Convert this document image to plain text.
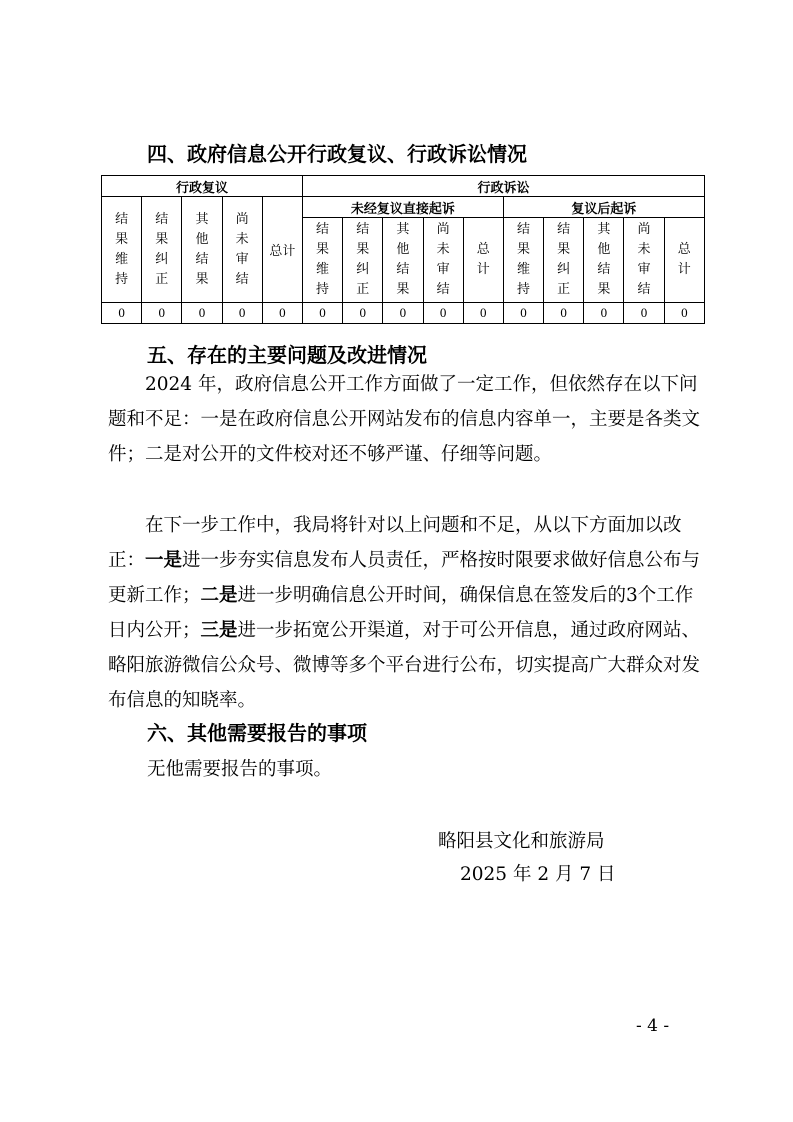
四、政府信息公开行政复议、行政诉讼情况
行政复议					行政诉讼									
结果维持	结果纠正	其他结果	尚未审结	总计	未经复议直接起诉					复议后起诉				
					结果维持	结果纠正	其他结果	尚未审结	总计	结果维持	结果纠正	其他结果	尚未审结	总计
0	0	0	0	0	0	0	0	0	0	0	0	0	0	0
五、存在的主要问题及改进情况

2024 年，政府信息公开工作方面做了一定工作，但依然存在以下问题和不足：一是在政府信息公开网站发布的信息内容单一，主要是各类文件；二是对公开的文件校对还不够严谨、仔细等问题。

在下一步工作中，我局将针对以上问题和不足，从以下方面加以改正：一是进一步夯实信息发布人员责任，严格按时限要求做好信息公布与更新工作；二是进一步明确信息公开时间，确保信息在签发后的3个工作日内公开；三是进一步拓宽公开渠道，对于可公开信息，通过政府网站、略阳旅游微信公众号、微博等多个平台进行公布，切实提高广大群众对发布信息的知晓率。

六、其他需要报告的事项

无他需要报告的事项。

略阳县文化和旅游局
2025 年 2 月 7 日
- 4 -
